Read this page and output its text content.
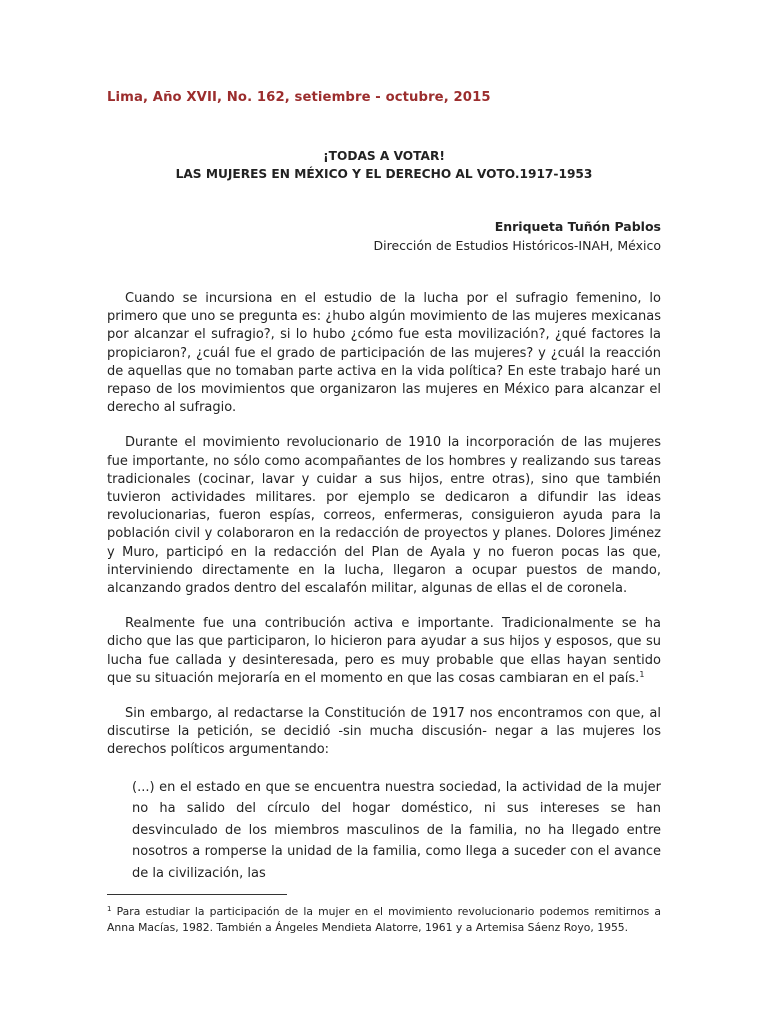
Lima, Año XVII, No. 162, setiembre - octubre, 2015
¡TODAS A VOTAR!
LAS MUJERES EN MÉXICO Y EL DERECHO AL VOTO.1917-1953
Enriqueta Tuñón Pablos
Dirección de Estudios Históricos-INAH, México

Cuando se incursiona en el estudio de la lucha por el sufragio femenino, lo primero que uno se pregunta es: ¿hubo algún movimiento de las mujeres mexicanas por alcanzar el sufragio?, si lo hubo ¿cómo fue esta movilización?, ¿qué factores la propiciaron?, ¿cuál fue el grado de participación de las mujeres? y ¿cuál la reacción de aquellas que no tomaban parte activa en la vida política? En este trabajo haré un repaso de los movimientos que organizaron las mujeres en México para alcanzar el derecho al sufragio.

Durante el movimiento revolucionario de 1910 la incorporación de las mujeres fue importante, no sólo como acompañantes de los hombres y realizando sus tareas tradicionales (cocinar, lavar y cuidar a sus hijos, entre otras), sino que también tuvieron actividades militares. por ejemplo se dedicaron a difundir las ideas revolucionarias, fueron espías, correos, enfermeras, consiguieron ayuda para la población civil y colaboraron en la redacción de proyectos y planes. Dolores Jiménez y Muro, participó en la redacción del Plan de Ayala y no fueron pocas las que, interviniendo directamente en la lucha, llegaron a ocupar puestos de mando, alcanzando grados dentro del escalafón militar, algunas de ellas el de coronela.

Realmente fue una contribución activa e importante. Tradicionalmente se ha dicho que las que participaron, lo hicieron para ayudar a sus hijos y esposos, que su lucha fue callada y desinteresada, pero es muy probable que ellas hayan sentido que su situación mejoraría en el momento en que las cosas cambiaran en el país.$^1$

Sin embargo, al redactarse la Constitución de 1917 nos encontramos con que, al discutirse la petición, se decidió -sin mucha discusión- negar a las mujeres los derechos políticos argumentando:

(...) en el estado en que se encuentra nuestra sociedad, la actividad de la mujer no ha salido del círculo del hogar doméstico, ni sus intereses se han desvinculado de los miembros masculinos de la familia, no ha llegado entre nosotros a romperse la unidad de la familia, como llega a suceder con el avance de la civilización, las

$^1$ Para estudiar la participación de la mujer en el movimiento revolucionario podemos remitirnos a Anna Macías, 1982. También a Ángeles Mendieta Alatorre, 1961 y a Artemisa Sáenz Royo, 1955.
